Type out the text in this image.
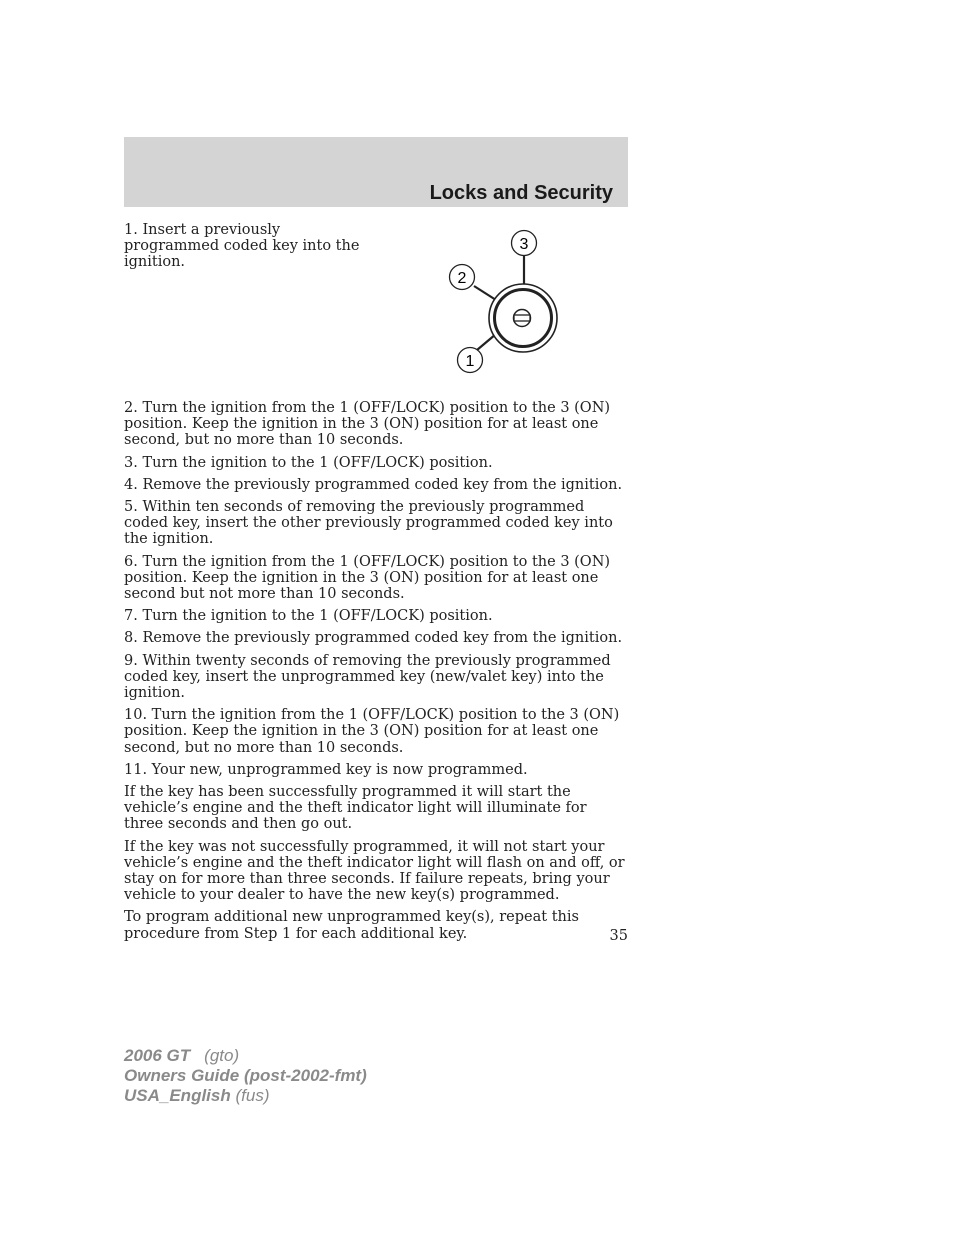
Locks and Security

1. Insert a previously programmed coded key into the ignition.

3
2
1

2. Turn the ignition from the 1 (OFF/LOCK) position to the 3 (ON) position. Keep the ignition in the 3 (ON) position for at least one second, but no more than 10 seconds.

3. Turn the ignition to the 1 (OFF/LOCK) position.

4. Remove the previously programmed coded key from the ignition.

5. Within ten seconds of removing the previously programmed coded key, insert the other previously programmed coded key into the ignition.

6. Turn the ignition from the 1 (OFF/LOCK) position to the 3 (ON) position. Keep the ignition in the 3 (ON) position for at least one second but not more than 10 seconds.

7. Turn the ignition to the 1 (OFF/LOCK) position.

8. Remove the previously programmed coded key from the ignition.

9. Within twenty seconds of removing the previously programmed coded key, insert the unprogrammed key (new/valet key) into the ignition.

10. Turn the ignition from the 1 (OFF/LOCK) position to the 3 (ON) position. Keep the ignition in the 3 (ON) position for at least one second, but no more than 10 seconds.

11. Your new, unprogrammed key is now programmed.

If the key has been successfully programmed it will start the vehicle’s engine and the theft indicator light will illuminate for three seconds and then go out.

If the key was not successfully programmed, it will not start your vehicle’s engine and the theft indicator light will flash on and off, or stay on for more than three seconds. If failure repeats, bring your vehicle to your dealer to have the new key(s) programmed.

To program additional new unprogrammed key(s), repeat this procedure from Step 1 for each additional key.	35

2006 GT (gto)
Owners Guide (post-2002-fmt)
USA_English (fus)
